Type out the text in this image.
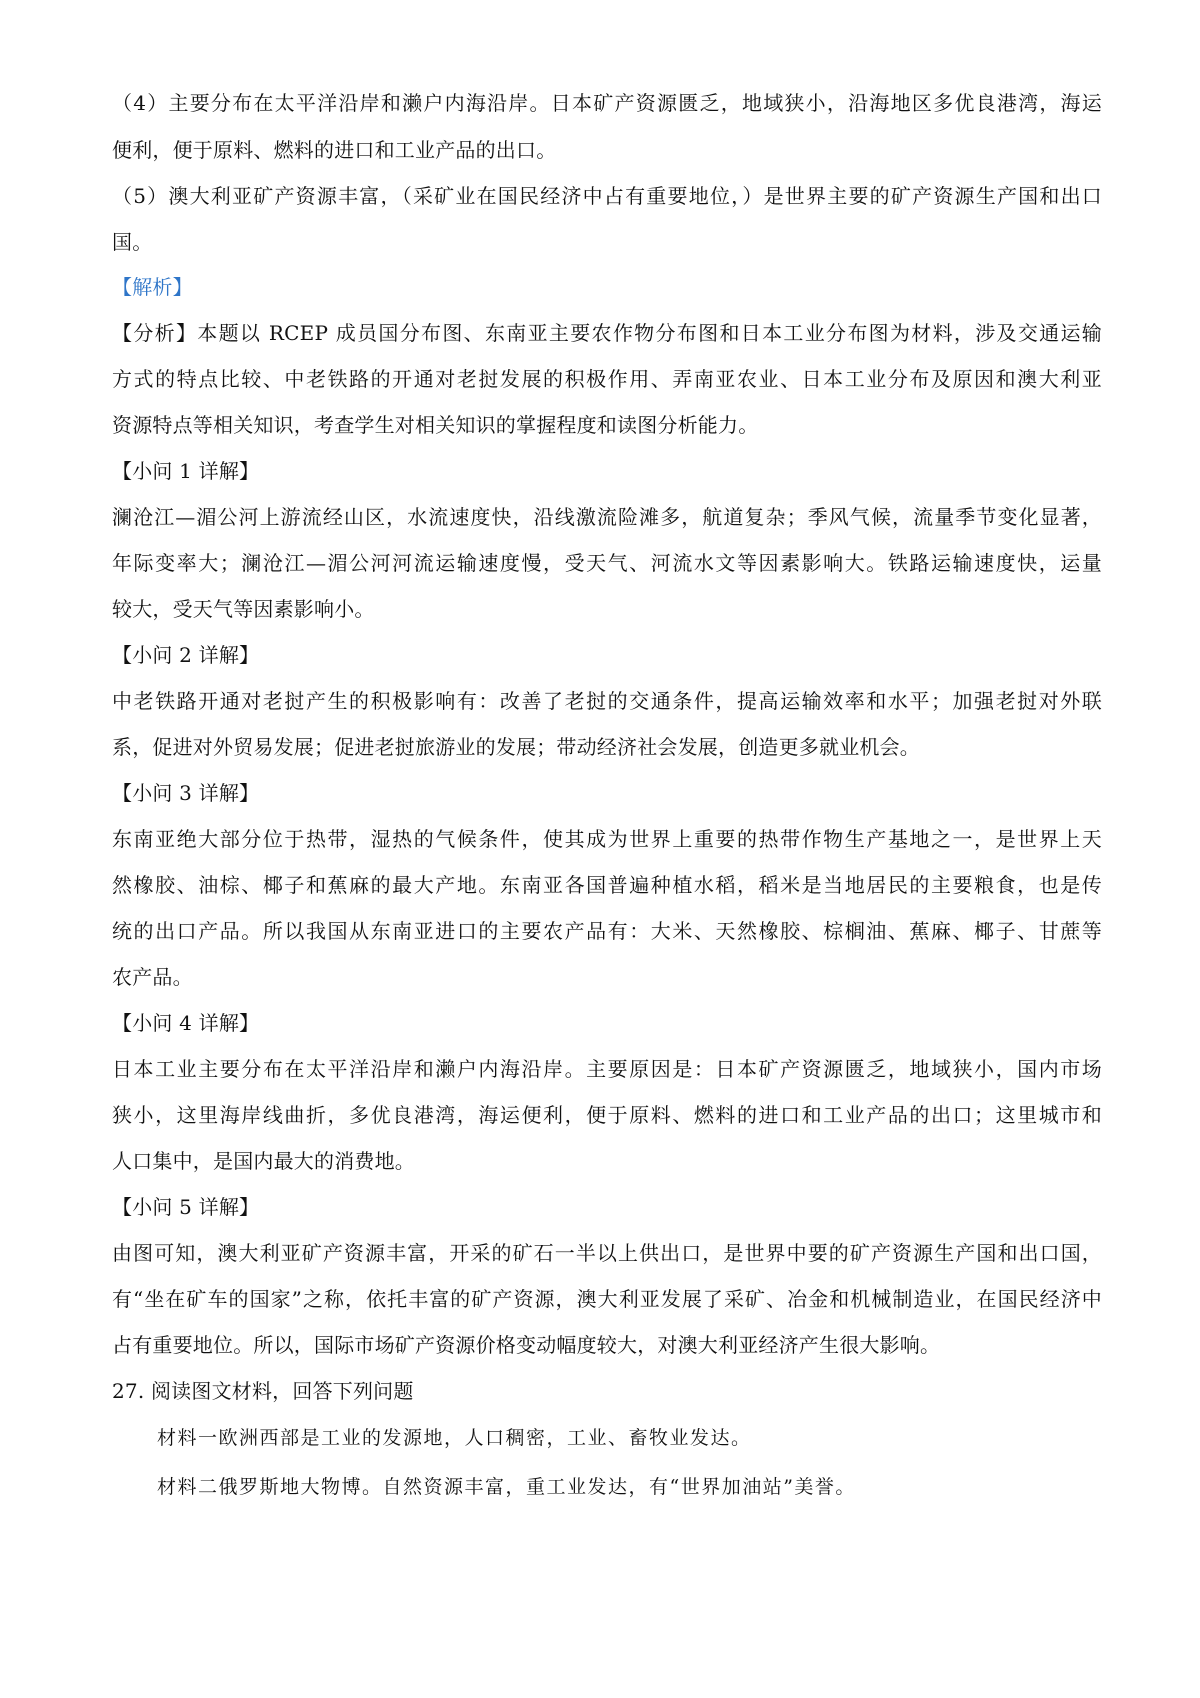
（4）主要分布在太平洋沿岸和濑户内海沿岸。日本矿产资源匮乏，地域狭小，沿海地区多优良港湾，海运
便利，便于原料、燃料的进口和工业产品的出口。
（5）澳大利亚矿产资源丰富，（采矿业在国民经济中占有重要地位，）是世界主要的矿产资源生产国和出口
国。
【解析】
【分析】本题以 RCEP 成员国分布图、东南亚主要农作物分布图和日本工业分布图为材料，涉及交通运输
方式的特点比较、中老铁路的开通对老挝发展的积极作用、弄南亚农业、日本工业分布及原因和澳大利亚
资源特点等相关知识，考查学生对相关知识的掌握程度和读图分析能力。
【小问 1 详解】
澜沧江—湄公河上游流经山区，水流速度快，沿线激流险滩多，航道复杂；季风气候，流量季节变化显著，
年际变率大；澜沧江—湄公河河流运输速度慢，受天气、河流水文等因素影响大。铁路运输速度快，运量
较大，受天气等因素影响小。
【小问 2 详解】
中老铁路开通对老挝产生的积极影响有：改善了老挝的交通条件，提高运输效率和水平；加强老挝对外联
系，促进对外贸易发展；促进老挝旅游业的发展；带动经济社会发展，创造更多就业机会。
【小问 3 详解】
东南亚绝大部分位于热带，湿热的气候条件，使其成为世界上重要的热带作物生产基地之一，是世界上天
然橡胶、油棕、椰子和蕉麻的最大产地。东南亚各国普遍种植水稻，稻米是当地居民的主要粮食，也是传
统的出口产品。所以我国从东南亚进口的主要农产品有：大米、天然橡胶、棕榈油、蕉麻、椰子、甘蔗等
农产品。
【小问 4 详解】
日本工业主要分布在太平洋沿岸和濑户内海沿岸。主要原因是：日本矿产资源匮乏，地域狭小，国内市场
狭小，这里海岸线曲折，多优良港湾，海运便利，便于原料、燃料的进口和工业产品的出口；这里城市和
人口集中，是国内最大的消费地。
【小问 5 详解】
由图可知，澳大利亚矿产资源丰富，开采的矿石一半以上供出口，是世界中要的矿产资源生产国和出口国，
有“坐在矿车的国家”之称，依托丰富的矿产资源，澳大利亚发展了采矿、冶金和机械制造业，在国民经济中
占有重要地位。所以，国际市场矿产资源价格变动幅度较大，对澳大利亚经济产生很大影响。
27. 阅读图文材料，回答下列问题
材料一欧洲西部是工业的发源地，人口稠密，工业、畜牧业发达。
材料二俄罗斯地大物博。自然资源丰富，重工业发达，有“世界加油站”美誉。
